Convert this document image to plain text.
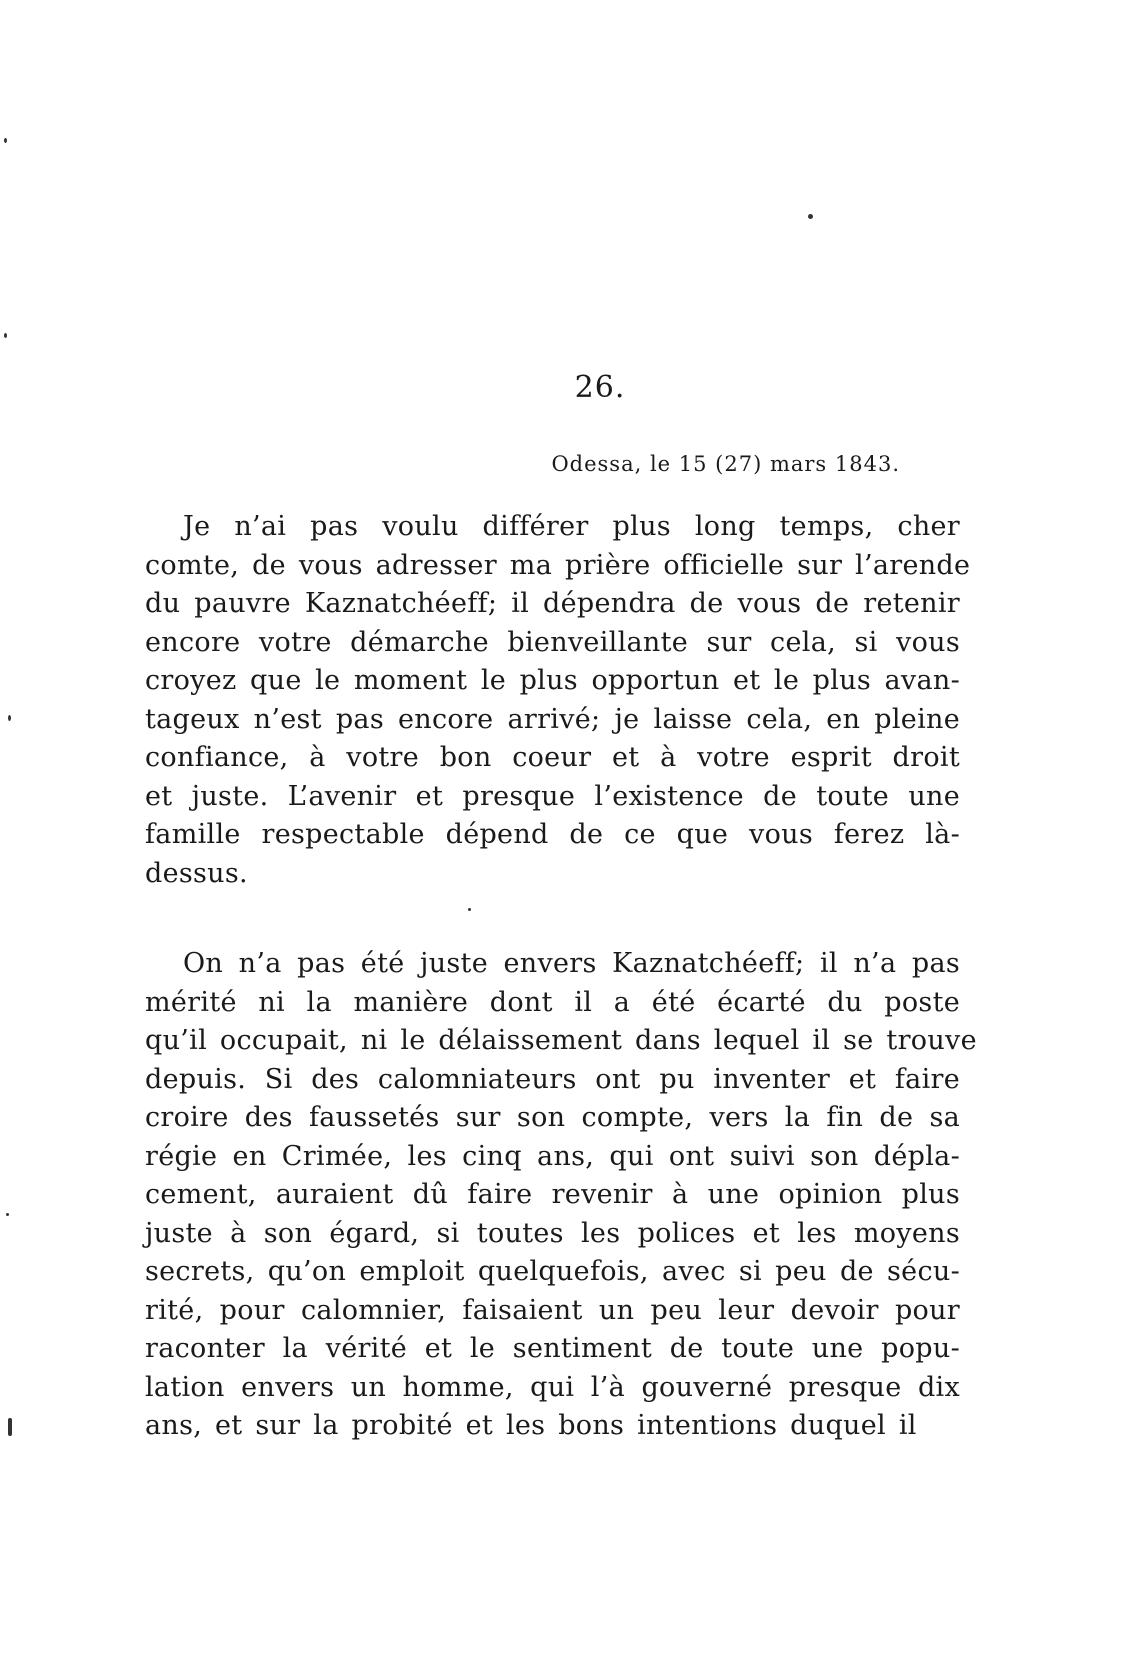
26.
Odessa, le 15 (27) mars 1843.
Je n’ai pas voulu différer plus long temps, cher
comte, de vous adresser ma prière officielle sur l’arende
du pauvre Kaznatchéeff; il dépendra de vous de retenir
encore votre démarche bienveillante sur cela, si vous
croyez que le moment le plus opportun et le plus avan-
tageux n’est pas encore arrivé; je laisse cela, en pleine
confiance, à votre bon coeur et à votre esprit droit
et juste. L’avenir et presque l’existence de toute une
famille respectable dépend de ce que vous ferez là-
dessus.
On n’a pas été juste envers Kaznatchéeff; il n’a pas
mérité ni la manière dont il a été écarté du poste
qu’il occupait, ni le délaissement dans lequel il se trouve
depuis. Si des calomniateurs ont pu inventer et faire
croire des faussetés sur son compte, vers la fin de sa
régie en Crimée, les cinq ans, qui ont suivi son dépla-
cement, auraient dû faire revenir à une opinion plus
juste à son égard, si toutes les polices et les moyens
secrets, qu’on emploit quelquefois, avec si peu de sécu-
rité, pour calomnier, faisaient un peu leur devoir pour
raconter la vérité et le sentiment de toute une popu-
lation envers un homme, qui l’à gouverné presque dix
ans, et sur la probité et les bons intentions duquel il
